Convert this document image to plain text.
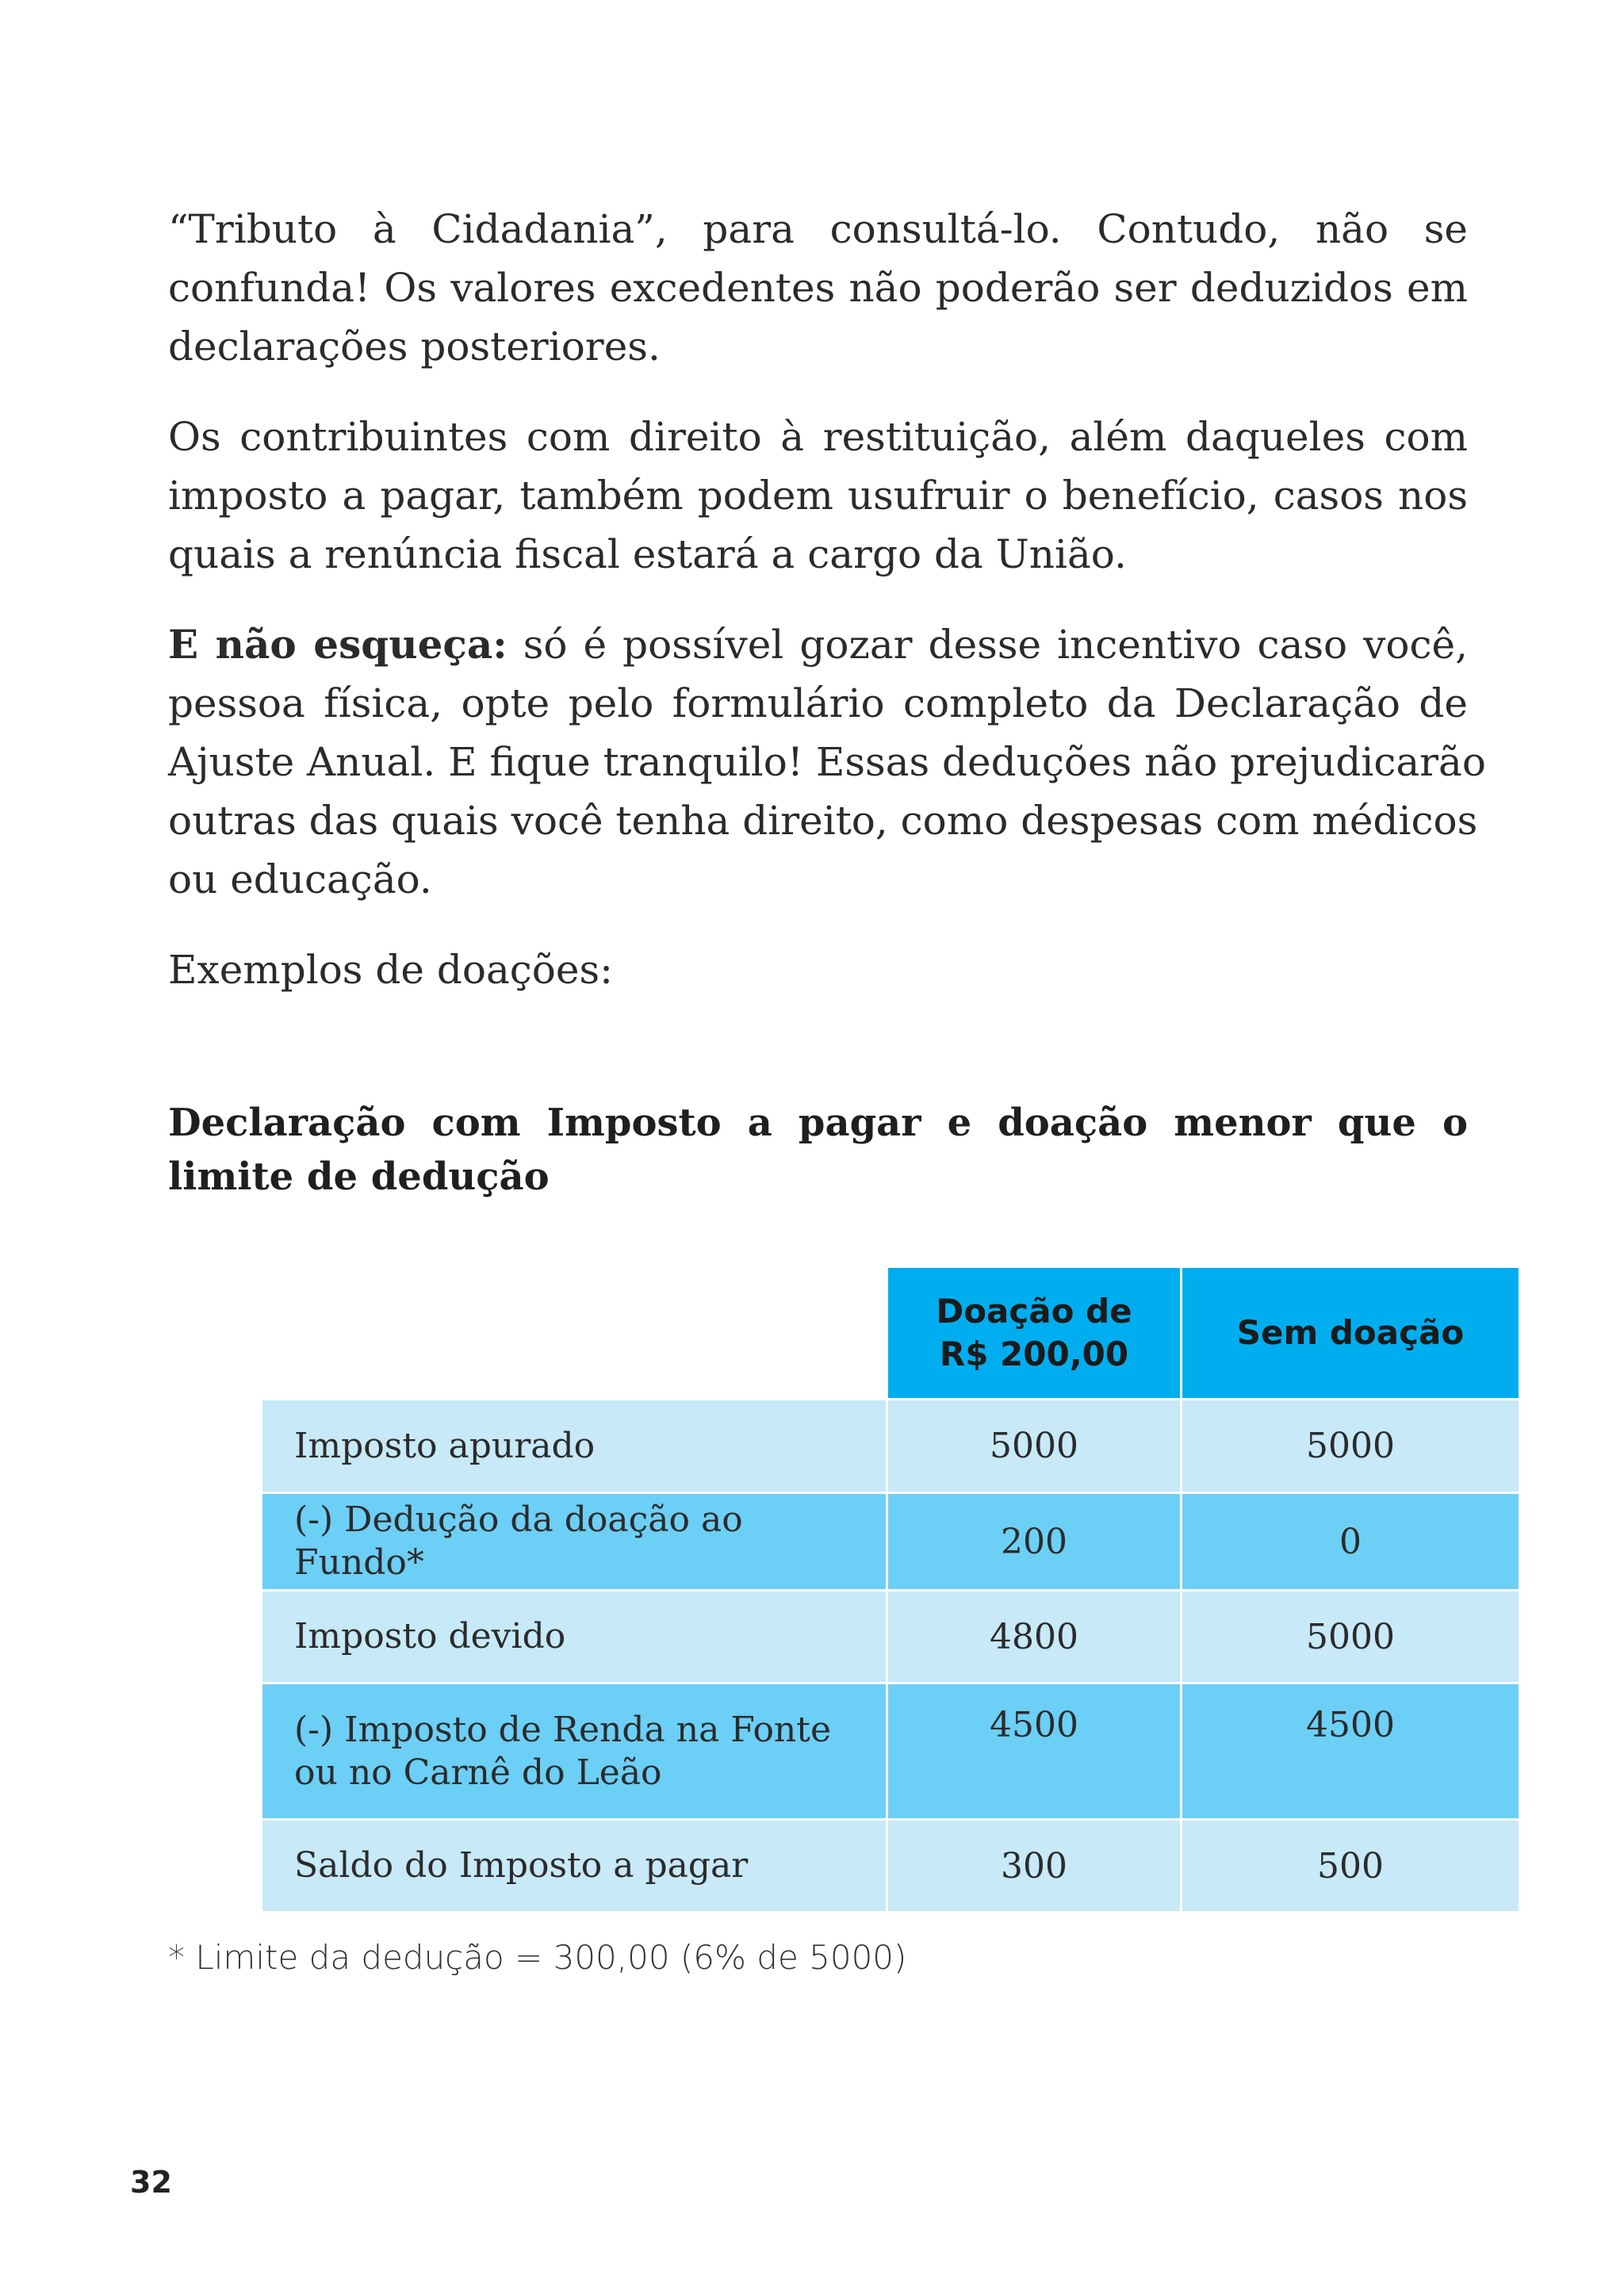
“Tributo à Cidadania”, para consultá-lo. Contudo, não se
confunda! Os valores excedentes não poderão ser deduzidos em
declarações posteriores.
Os contribuintes com direito à restituição, além daqueles com
imposto a pagar, também podem usufruir o benefício, casos nos
quais a renúncia fiscal estará a cargo da União.
E não esqueça: só é possível gozar desse incentivo caso você,
pessoa física, opte pelo formulário completo da Declaração de
Ajuste Anual. E fique tranquilo! Essas deduções não prejudicarão
outras das quais você tenha direito, como despesas com médicos
ou educação.
Exemplos de doações:
Declaração com Imposto a pagar e doação menor que o limite de dedução
	Doação de R$ 200,00	Sem doação
Imposto apurado	5000	5000
(-) Dedução da doação ao Fundo*	200	0
Imposto devido	4800	5000
(-) Imposto de Renda na Fonte ou no Carnê do Leão	4500	4500
Saldo do Imposto a pagar	300	500
* Limite da dedução = 300,00 (6% de 5000)
32
